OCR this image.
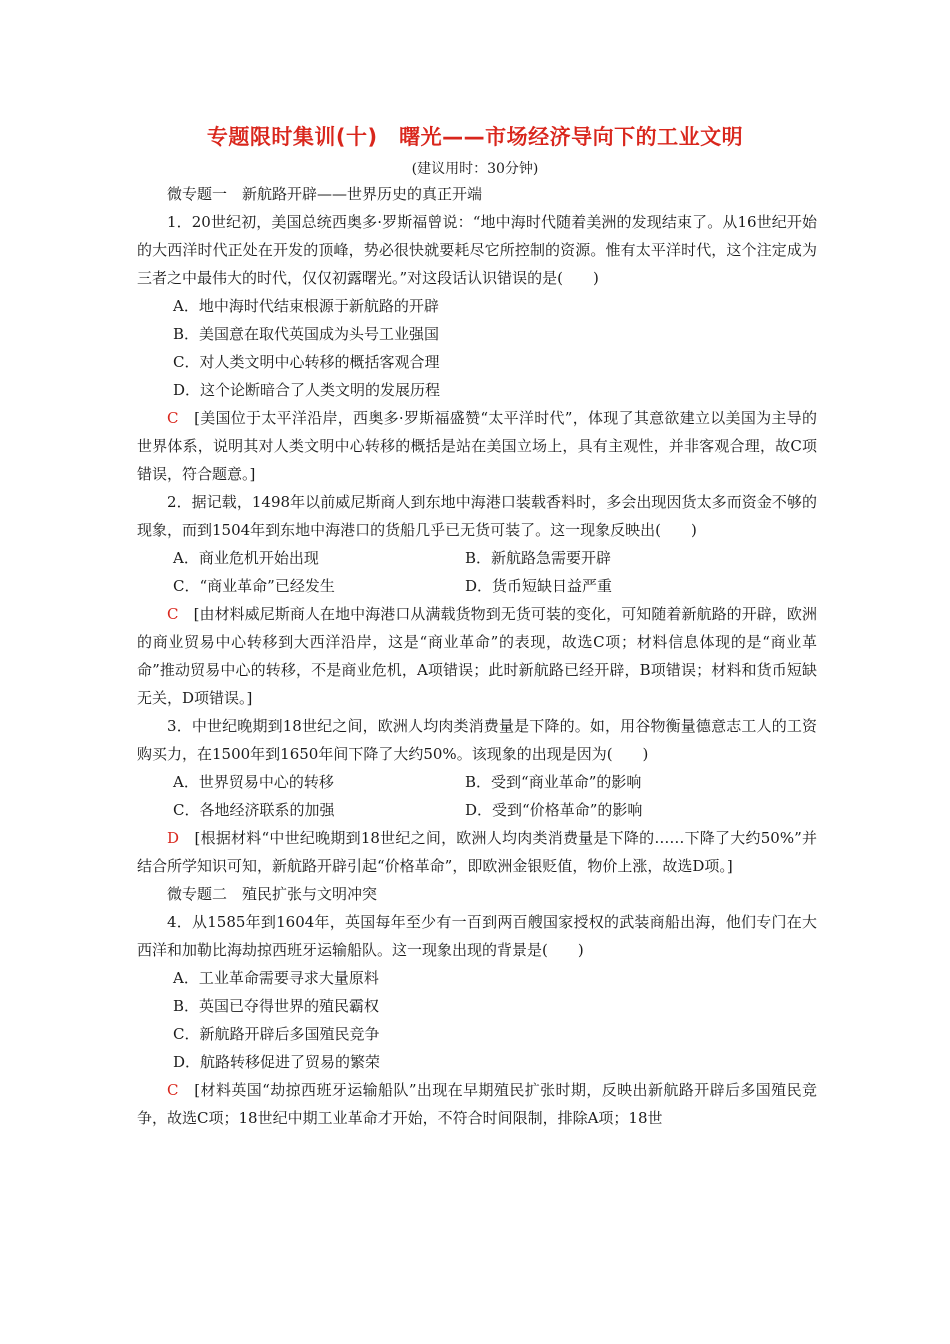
专题限时集训(十)　曙光——市场经济导向下的工业文明
(建议用时：30分钟)

微专题一　新航路开辟——世界历史的真正开端

1．20世纪初，美国总统西奥多·罗斯福曾说：“地中海时代随着美洲的发现结束了。从16世纪开始的大西洋时代正处在开发的顶峰，势必很快就要耗尽它所控制的资源。惟有太平洋时代，这个注定成为三者之中最伟大的时代，仅仅初露曙光。”对这段话认识错误的是(　　)

A．地中海时代结束根源于新航路的开辟

B．美国意在取代英国成为头号工业强国

C．对人类文明中心转移的概括客观合理

D．这个论断暗合了人类文明的发展历程

C　 [美国位于太平洋沿岸，西奥多·罗斯福盛赞“太平洋时代”，体现了其意欲建立以美国为主导的世界体系，说明其对人类文明中心转移的概括是站在美国立场上，具有主观性，并非客观合理，故C项错误，符合题意。]

2．据记载，1498年以前威尼斯商人到东地中海港口装载香料时，多会出现因货太多而资金不够的现象，而到1504年到东地中海港口的货船几乎已无货可装了。这一现象反映出(　　)

A．商业危机开始出现	B．新航路急需要开辟

C．“商业革命”已经发生	D．货币短缺日益严重

C　 [由材料威尼斯商人在地中海港口从满载货物到无货可装的变化，可知随着新航路的开辟，欧洲的商业贸易中心转移到大西洋沿岸，这是“商业革命”的表现，故选C项；材料信息体现的是“商业革命”推动贸易中心的转移，不是商业危机，A项错误；此时新航路已经开辟，B项错误；材料和货币短缺无关，D项错误。]

3．中世纪晚期到18世纪之间，欧洲人均肉类消费量是下降的。如，用谷物衡量德意志工人的工资购买力，在1500年到1650年间下降了大约50%。该现象的出现是因为(　　)

A．世界贸易中心的转移	B．受到“商业革命”的影响

C．各地经济联系的加强	D．受到“价格革命”的影响

D　 [根据材料“中世纪晚期到18世纪之间，欧洲人均肉类消费量是下降的……下降了大约50%”并结合所学知识可知，新航路开辟引起“价格革命”，即欧洲金银贬值，物价上涨，故选D项。]

微专题二　殖民扩张与文明冲突

4．从1585年到1604年，英国每年至少有一百到两百艘国家授权的武装商船出海，他们专门在大西洋和加勒比海劫掠西班牙运输船队。这一现象出现的背景是(　　)

A．工业革命需要寻求大量原料

B．英国已夺得世界的殖民霸权

C．新航路开辟后多国殖民竞争

D．航路转移促进了贸易的繁荣

C　 [材料英国“劫掠西班牙运输船队”出现在早期殖民扩张时期，反映出新航路开辟后多国殖民竞争，故选C项；18世纪中期工业革命才开始，不符合时间限制，排除A项；18世
